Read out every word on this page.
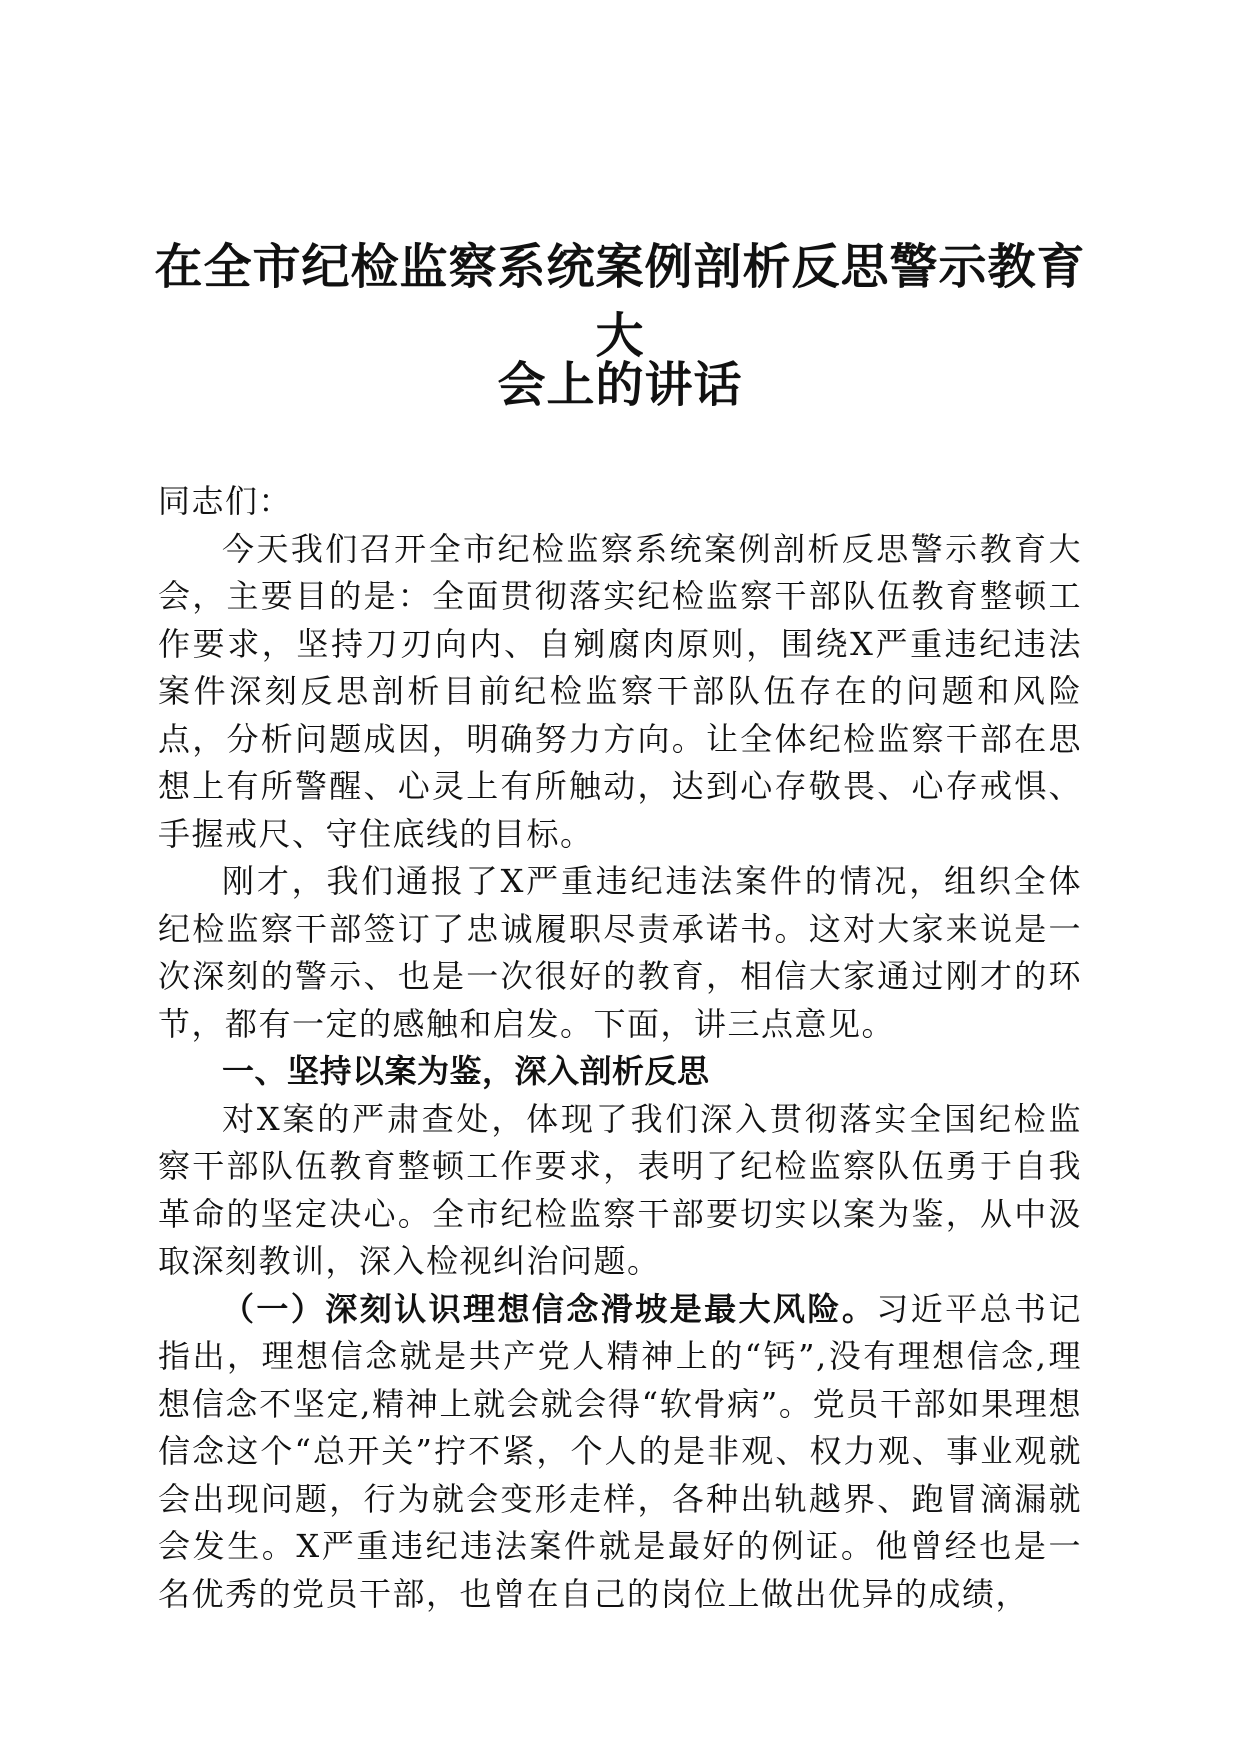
在全市纪检监察系统案例剖析反思警示教育大
会上的讲话

同志们：

今天我们召开全市纪检监察系统案例剖析反思警示教育大会，主要目的是：全面贯彻落实纪检监察干部队伍教育整顿工作要求，坚持刀刃向内、自剜腐肉原则，围绕X严重违纪违法案件深刻反思剖析目前纪检监察干部队伍存在的问题和风险点，分析问题成因，明确努力方向。让全体纪检监察干部在思想上有所警醒、心灵上有所触动，达到心存敬畏、心存戒惧、手握戒尺、守住底线的目标。

刚才，我们通报了X严重违纪违法案件的情况，组织全体纪检监察干部签订了忠诚履职尽责承诺书。这对大家来说是一次深刻的警示、也是一次很好的教育，相信大家通过刚才的环节，都有一定的感触和启发。下面，讲三点意见。

一、坚持以案为鉴，深入剖析反思

对X案的严肃查处，体现了我们深入贯彻落实全国纪检监察干部队伍教育整顿工作要求，表明了纪检监察队伍勇于自我革命的坚定决心。全市纪检监察干部要切实以案为鉴，从中汲取深刻教训，深入检视纠治问题。

（一）深刻认识理想信念滑坡是最大风险。习近平总书记指出，理想信念就是共产党人精神上的“钙”,没有理想信念,理想信念不坚定,精神上就会就会得“软骨病”。党员干部如果理想信念这个“总开关”拧不紧，个人的是非观、权力观、事业观就会出现问题，行为就会变形走样，各种出轨越界、跑冒滴漏就会发生。X严重违纪违法案件就是最好的例证。他曾经也是一名优秀的党员干部，也曾在自己的岗位上做出优异的成绩，
